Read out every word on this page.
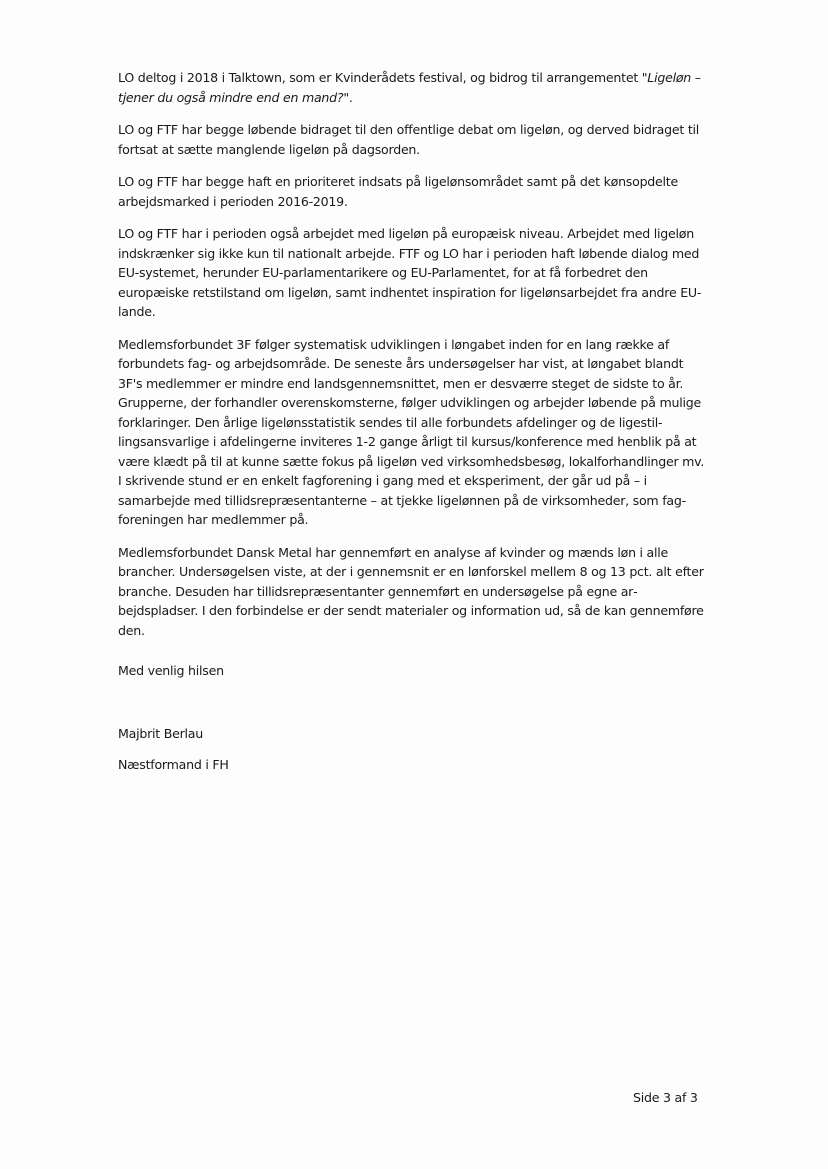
LO deltog i 2018 i Talktown, som er Kvinderådets festival, og bidrog til arrangementet "Ligeløn – tjener du også mindre end en mand?".

LO og FTF har begge løbende bidraget til den offentlige debat om ligeløn, og derved bidraget til fortsat at sætte manglende ligeløn på dagsorden.

LO og FTF har begge haft en prioriteret indsats på ligelønsområdet samt på det kønsopdelte arbejdsmarked i perioden 2016-2019.

LO og FTF har i perioden også arbejdet med ligeløn på europæisk niveau. Arbejdet med ligeløn indskrænker sig ikke kun til nationalt arbejde. FTF og LO har i perioden haft løbende dialog med EU-systemet, herunder EU-parlamentarikere og EU-Parlamentet, for at få forbedret den europæiske retstilstand om ligeløn, samt indhentet inspiration for ligelønsarbejdet fra andre EU-lande.

Medlemsforbundet 3F følger systematisk udviklingen i løngabet inden for en lang række af forbundets fag- og arbejdsområde. De seneste års undersøgelser har vist, at løngabet blandt 3F's medlemmer er mindre end landsgennemsnittet, men er desværre steget de sidste to år. Grupperne, der forhandler overenskomsterne, følger udviklingen og arbejder løbende på mulige forklaringer. Den årlige ligelønsstatistik sendes til alle forbundets afdelinger og de ligestillingsansvarlige i afdelingerne inviteres 1-2 gange årligt til kursus/konference med henblik på at være klædt på til at kunne sætte fokus på ligeløn ved virksomhedsbesøg, lokalforhandlinger mv. I skrivende stund er en enkelt fagforening i gang med et eksperiment, der går ud på – i samarbejde med tillidsrepræsentanterne – at tjekke ligelønnen på de virksomheder, som fagforeningen har medlemmer på.

Medlemsforbundet Dansk Metal har gennemført en analyse af kvinder og mænds løn i alle brancher. Undersøgelsen viste, at der i gennemsnit er en lønforskel mellem 8 og 13 pct. alt efter branche. Desuden har tillidsrepræsentanter gennemført en undersøgelse på egne arbejdspladser. I den forbindelse er der sendt materialer og information ud, så de kan gennemføre den.

Med venlig hilsen
Majbrit Berlau
Næstformand i FH
Side 3 af 3
